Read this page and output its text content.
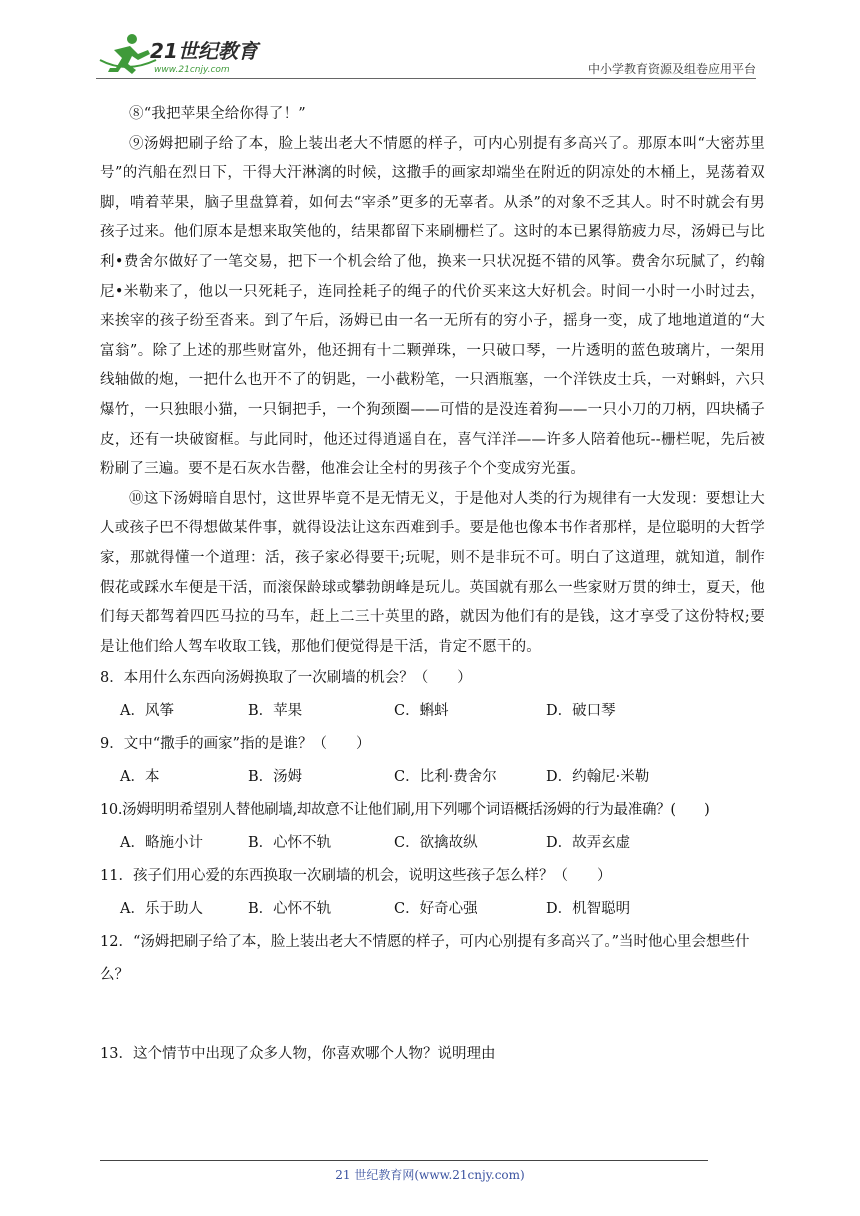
21世纪教育
www.21cnjy.com	中小学教育资源及组卷应用平台

⑧“我把苹果全给你得了！”

⑨汤姆把刷子给了本，脸上装出老大不情愿的样子，可内心别提有多高兴了。那原本叫“大密苏里号”的汽船在烈日下，干得大汗淋漓的时候，这撒手的画家却端坐在附近的阴凉处的木桶上，晃荡着双脚，啃着苹果，脑子里盘算着，如何去“宰杀”更多的无辜者。从杀”的对象不乏其人。时不时就会有男孩子过来。他们原本是想来取笑他的，结果都留下来刷栅栏了。这时的本已累得筋疲力尽，汤姆已与比利•费舍尔做好了一笔交易，把下一个机会给了他，换来一只状况挺不错的风筝。费舍尔玩腻了，约翰尼•米勒来了，他以一只死耗子，连同拴耗子的绳子的代价买来这大好机会。时间一小时一小时过去，来挨宰的孩子纷至沓来。到了午后，汤姆已由一名一无所有的穷小子，摇身一变，成了地地道道的“大富翁”。除了上述的那些财富外，他还拥有十二颗弹珠，一只破口琴，一片透明的蓝色玻璃片，一架用线轴做的炮，一把什么也开不了的钥匙，一小截粉笔，一只酒瓶塞，一个洋铁皮士兵，一对蝌蚪，六只爆竹，一只独眼小猫，一只铜把手，一个狗颈圈——可惜的是没连着狗——一只小刀的刀柄，四块橘子皮，还有一块破窗框。与此同时，他还过得逍遥自在，喜气洋洋——许多人陪着他玩--栅栏呢，先后被粉刷了三遍。要不是石灰水告罄，他准会让全村的男孩子个个变成穷光蛋。

⑩这下汤姆暗自思忖，这世界毕竟不是无情无义，于是他对人类的行为规律有一大发现：要想让大人或孩子巴不得想做某件事，就得设法让这东西难到手。要是他也像本书作者那样，是位聪明的大哲学家，那就得懂一个道理：活，孩子家必得要干;玩呢，则不是非玩不可。明白了这道理，就知道，制作假花或踩水车便是干活，而滚保龄球或攀勃朗峰是玩儿。英国就有那么一些家财万贯的绅士，夏天，他们每天都驾着四匹马拉的马车，赶上二三十英里的路，就因为他们有的是钱，这才享受了这份特权;要是让他们给人驾车收取工钱，那他们便觉得是干活，肯定不愿干的。

8．本用什么东西向汤姆换取了一次刷墙的机会？（　　）

A．风筝	B．苹果	C．蝌蚪	D．破口琴

9．文中“撒手的画家”指的是谁？（　　）

A．本	B．汤姆	C．比利·费舍尔	D．约翰尼·米勒

10.汤姆明明希望别人替他刷墙,却故意不让他们刷,用下列哪个词语概括汤姆的行为最准确？(　　)

A．略施小计	B．心怀不轨	C．欲擒故纵	D．故弄玄虚

11．孩子们用心爱的东西换取一次刷墙的机会，说明这些孩子怎么样？（　　）

A．乐于助人	B．心怀不轨	C．好奇心强	D．机智聪明

12．“汤姆把刷子给了本，脸上装出老大不情愿的样子，可内心别提有多高兴了。”当时他心里会想些什么？

13．这个情节中出现了众多人物，你喜欢哪个人物？说明理由

21 世纪教育网(www.21cnjy.com)
